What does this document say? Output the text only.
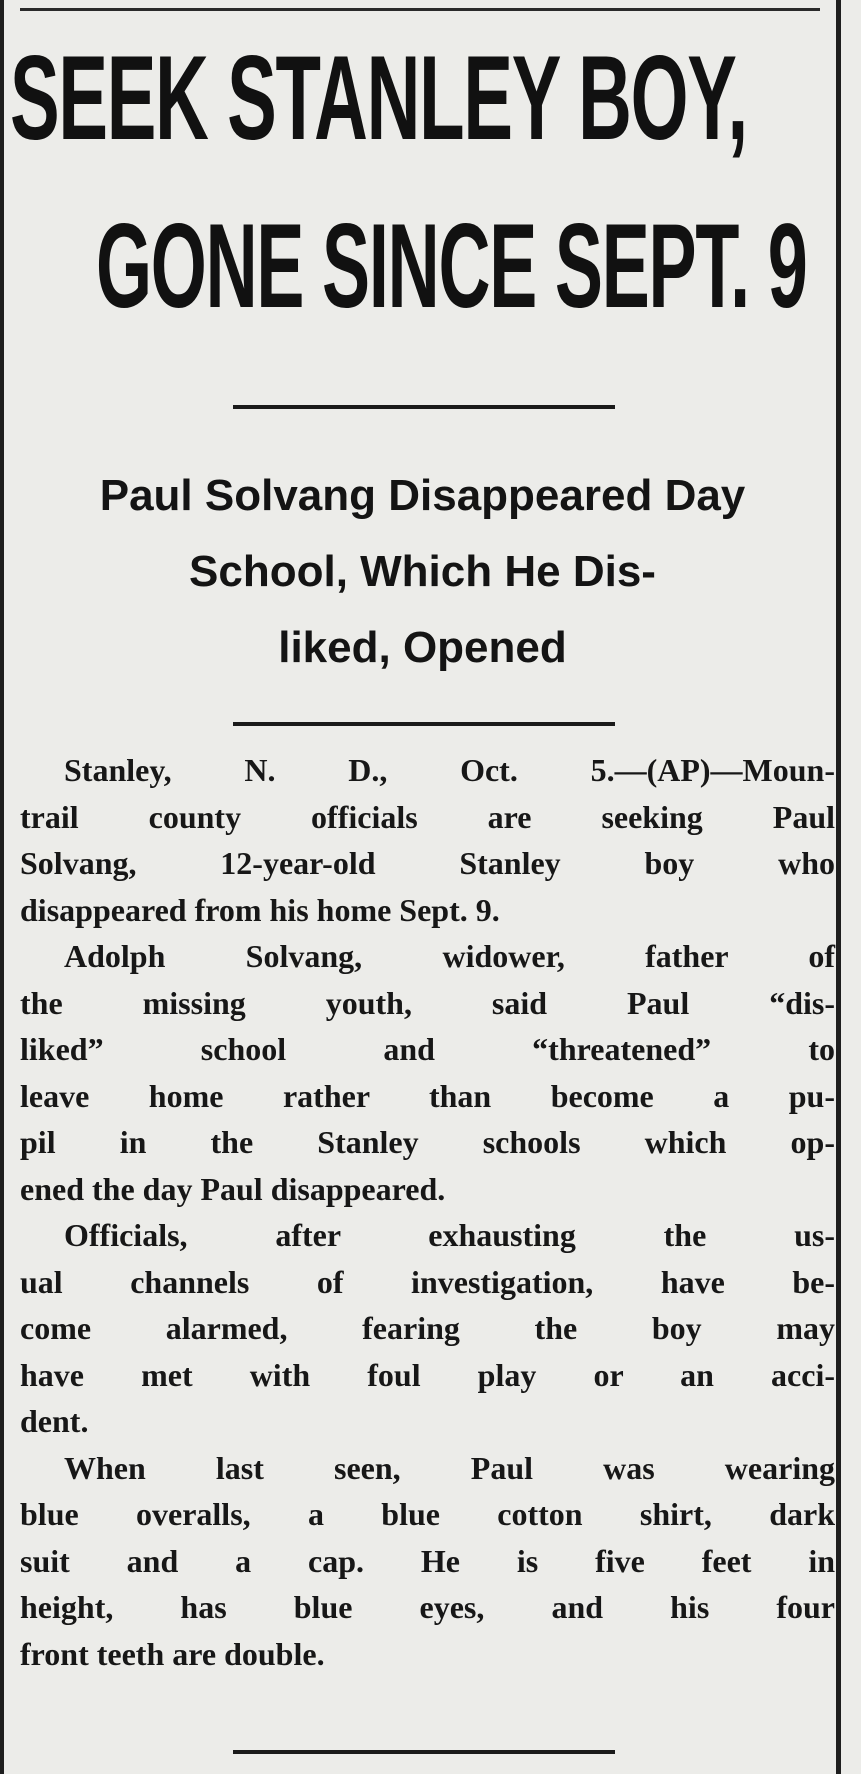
SEEK STANLEY BOY,
GONE SINCE SEPT. 9
Paul Solvang Disappeared Day
School, Which He Dis-
liked, Opened
Stanley, N. D., Oct. 5.—(AP)—Moun-
trail county officials are seeking Paul
Solvang, 12-year-old Stanley boy who
disappeared from his home Sept. 9.
Adolph Solvang, widower, father of
the missing youth, said Paul “dis-
liked” school and “threatened” to
leave home rather than become a pu-
pil in the Stanley schools which op-
ened the day Paul disappeared.
Officials, after exhausting the us-
ual channels of investigation, have be-
come alarmed, fearing the boy may
have met with foul play or an acci-
dent.
When last seen, Paul was wearing
blue overalls, a blue cotton shirt, dark
suit and a cap. He is five feet in
height, has blue eyes, and his four
front teeth are double.
